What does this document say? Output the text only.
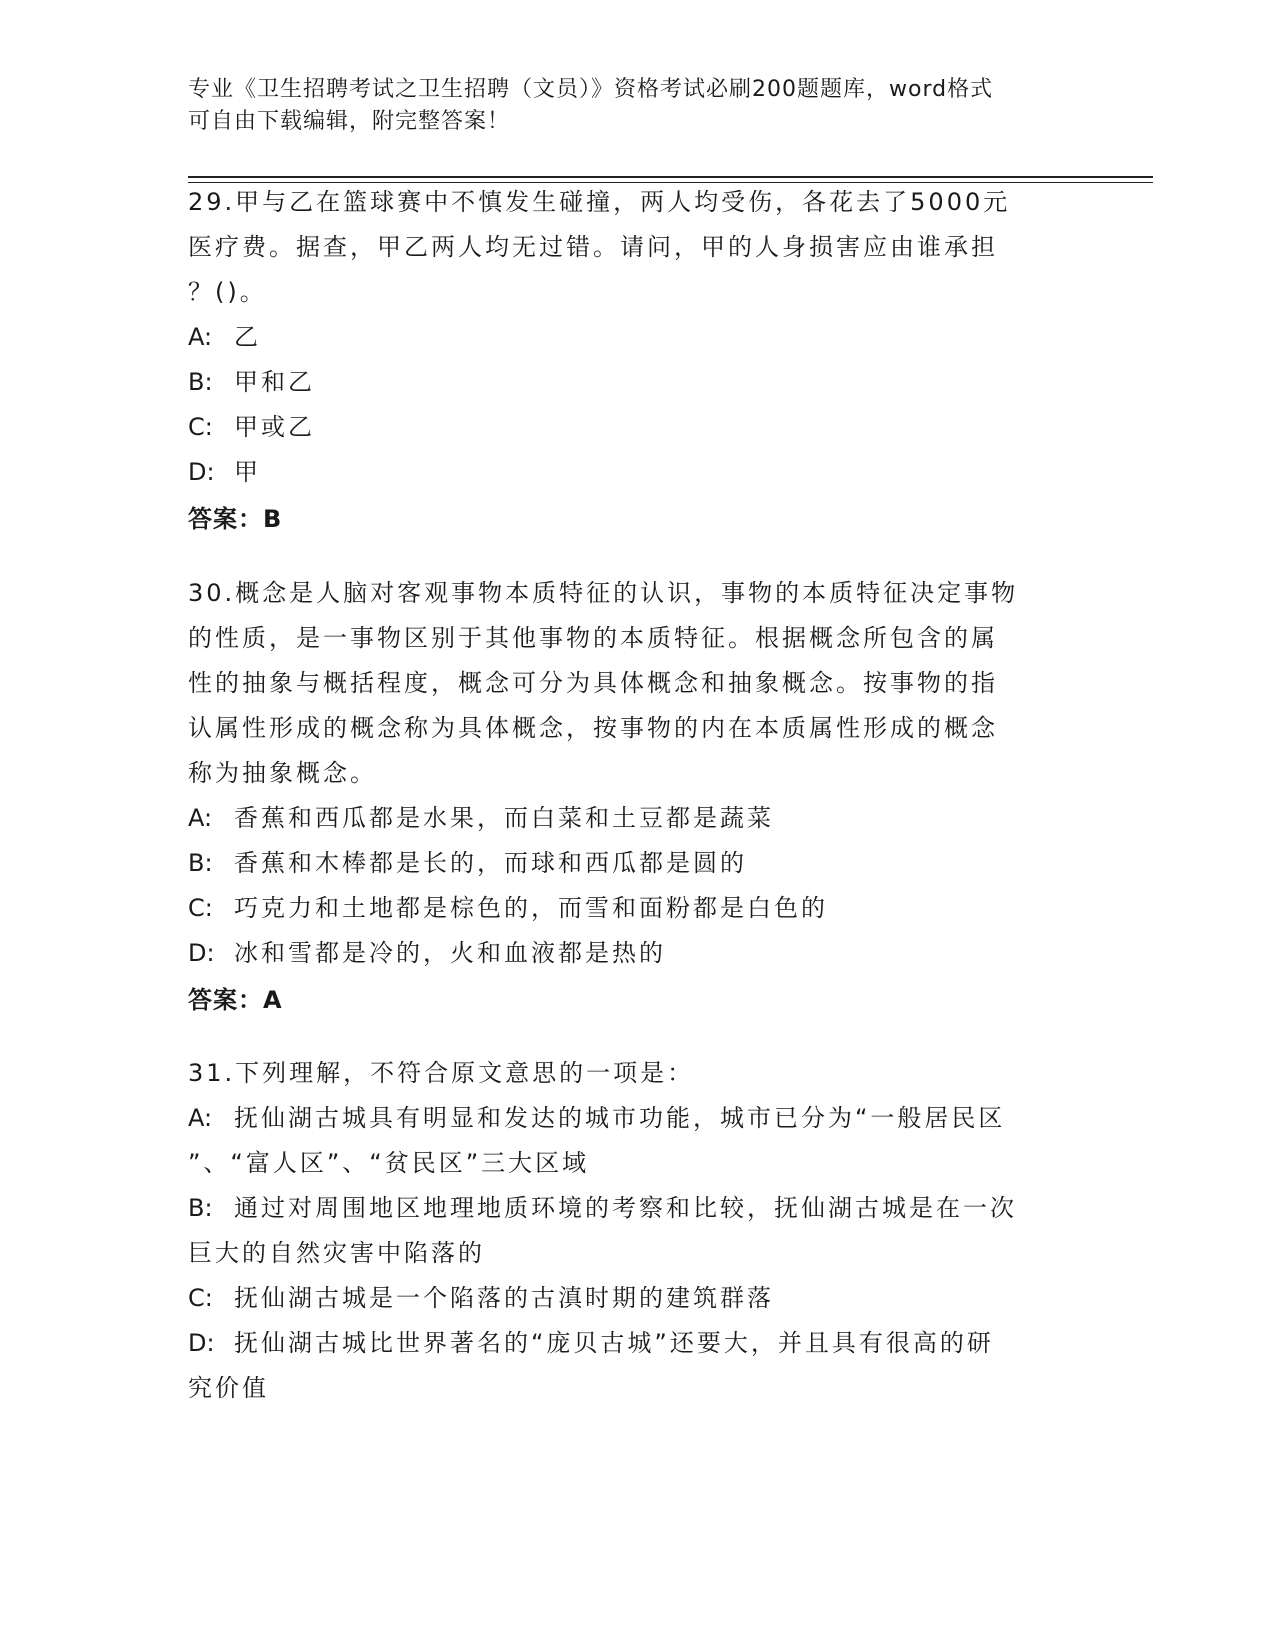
专业《卫生招聘考试之卫生招聘（文员）》资格考试必刷200题题库，word格式
可自由下载编辑，附完整答案！
29.甲与乙在篮球赛中不慎发生碰撞，两人均受伤，各花去了5000元
医疗费。据查，甲乙两人均无过错。请问，甲的人身损害应由谁承担
？()。
A: 乙
B: 甲和乙
C: 甲或乙
D: 甲
答案：B
30.概念是人脑对客观事物本质特征的认识，事物的本质特征决定事物
的性质，是一事物区别于其他事物的本质特征。根据概念所包含的属
性的抽象与概括程度，概念可分为具体概念和抽象概念。按事物的指
认属性形成的概念称为具体概念，按事物的内在本质属性形成的概念
称为抽象概念。
A: 香蕉和西瓜都是水果，而白菜和土豆都是蔬菜
B: 香蕉和木棒都是长的，而球和西瓜都是圆的
C: 巧克力和土地都是棕色的，而雪和面粉都是白色的
D: 冰和雪都是冷的，火和血液都是热的
答案：A
31.下列理解，不符合原文意思的一项是：
A: 抚仙湖古城具有明显和发达的城市功能，城市已分为“一般居民区
”、“富人区”、“贫民区”三大区域
B: 通过对周围地区地理地质环境的考察和比较，抚仙湖古城是在一次
巨大的自然灾害中陷落的
C: 抚仙湖古城是一个陷落的古滇时期的建筑群落
D: 抚仙湖古城比世界著名的“庞贝古城”还要大，并且具有很高的研
究价值
